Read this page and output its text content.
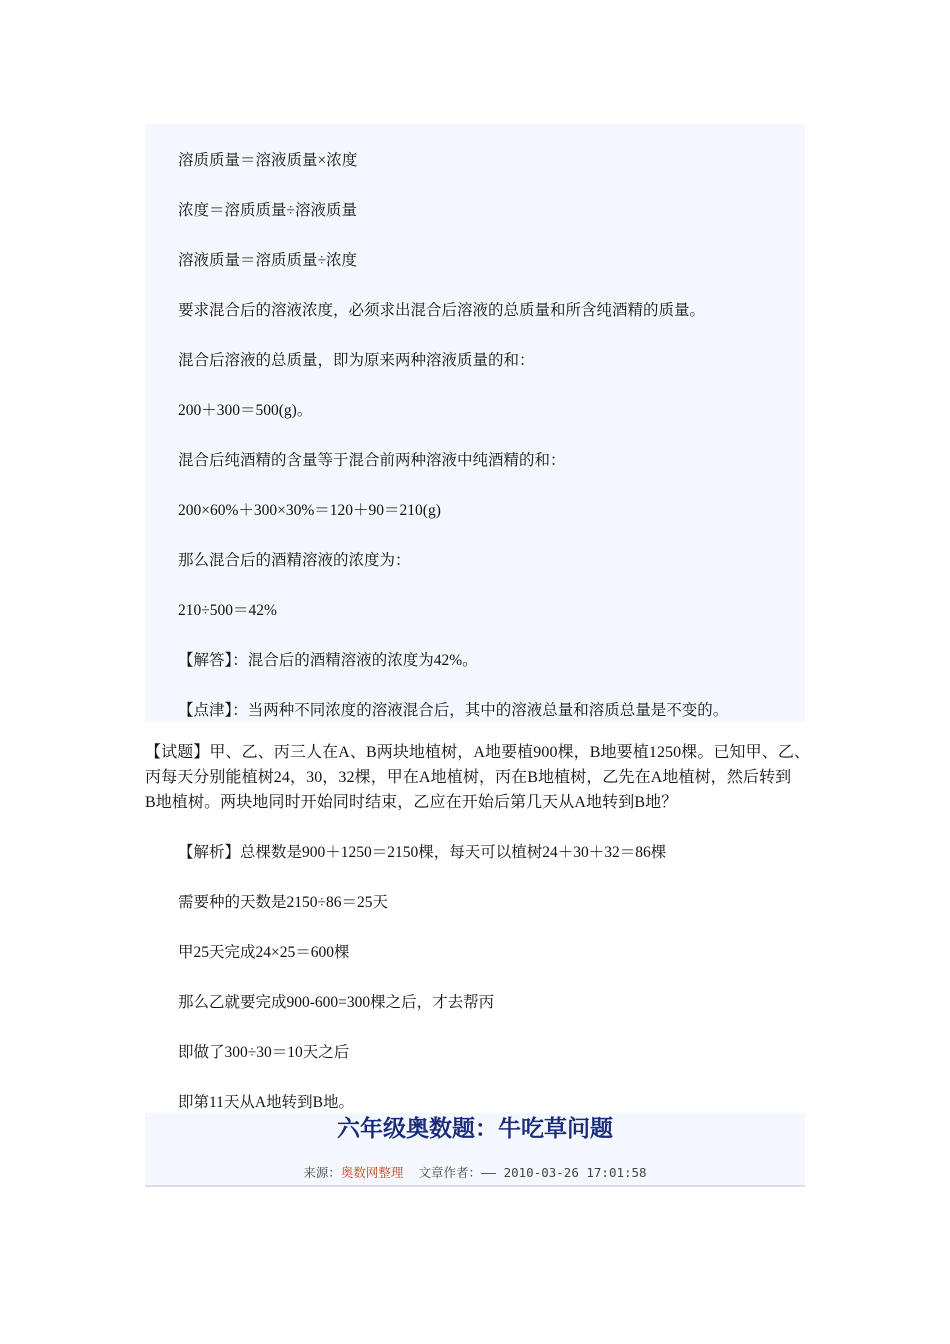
溶质质量＝溶液质量×浓度

浓度＝溶质质量÷溶液质量

溶液质量＝溶质质量÷浓度

要求混合后的溶液浓度，必须求出混合后溶液的总质量和所含纯酒精的质量。

混合后溶液的总质量，即为原来两种溶液质量的和：

200＋300＝500(g)。

混合后纯酒精的含量等于混合前两种溶液中纯酒精的和：

200×60%＋300×30%＝120＋90＝210(g)

那么混合后的酒精溶液的浓度为：

210÷500＝42%

【解答】：混合后的酒精溶液的浓度为42%。

【点津】：当两种不同浓度的溶液混合后，其中的溶液总量和溶质总量是不变的。

【试题】甲、乙、丙三人在A、B两块地植树，A地要植900棵，B地要植1250棵。已知甲、乙、
丙每天分别能植树24，30，32棵，甲在A地植树，丙在B地植树，乙先在A地植树，然后转到
B地植树。两块地同时开始同时结束，乙应在开始后第几天从A地转到B地？

【解析】总棵数是900＋1250＝2150棵，每天可以植树24＋30＋32＝86棵

需要种的天数是2150÷86＝25天

甲25天完成24×25＝600棵

那么乙就要完成900-600=300棵之后，才去帮丙

即做了300÷30＝10天之后

即第11天从A地转到B地。

六年级奥数题：牛吃草问题
来源：奥数网整理 文章作者：—— 2010-03-26 17:01:58
